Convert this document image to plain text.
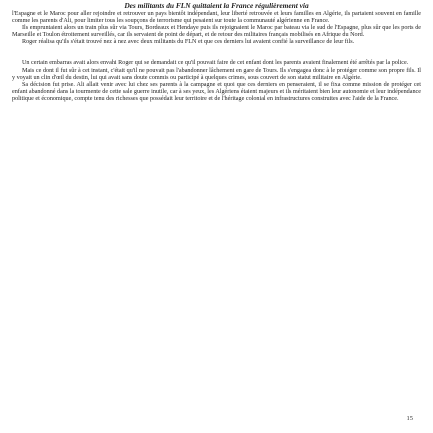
Des militants du FLN quittaient la France régulièrement via

l'Espagne et le Maroc pour aller rejoindre et retrouver un pays bientôt indépendant, leur liberté retrouvée et leurs familles en Algérie, ils partaient souvent en famille comme les parents d'Ali, pour limiter tous les soupçons de terrorisme qui pesaient sur toute la communauté algérienne en France.

Ils empruntaient alors un train plus sûr via Tours, Bordeaux et Hendaye puis ils rejoignaient le Maroc par bateau via le sud de l'Espagne, plus sûr que les ports de Marseille et Toulon étroitement surveillés, car ils servaient de point de départ, et de retour des militaires français mobilisés en Afrique du Nord.

Roger réalisa qu'ils s'était trouvé nez à nez avec deux militants du FLN et que ces derniers lui avaient confié la surveillance de leur fils.

Un certain embarras avait alors envahi Roger qui se demandait ce qu'il pouvait faire de cet enfant dont les parents avaient finalement été arrêtés par la police.

Mais ce dont il fut sûr à cet instant, c'était qu'il ne pouvait pas l'abandonner lâchement en gare de Tours. Ils s'engagea donc à le protéger comme son propre fils. Il y voyait un clin d'œil du destin, lui qui avait sans doute commis ou participé à quelques crimes, sous couvert de son statut militaire en Algérie.

Sa décision fut prise. Ali allait venir avec lui chez ses parents à la campagne et quoi que ces derniers en penseraient, il se fixa comme mission de protéger cet enfant abandonné dans la tourmente de cette sale guerre inutile, car à ses yeux, les Algériens étaient majeurs et ils méritaient bien leur autonomie et leur indépendance politique et économique, compte tenu des richesses que possédait leur territoire et de l'héritage colonial en infrastructures construites avec l'aide de la France.

15
